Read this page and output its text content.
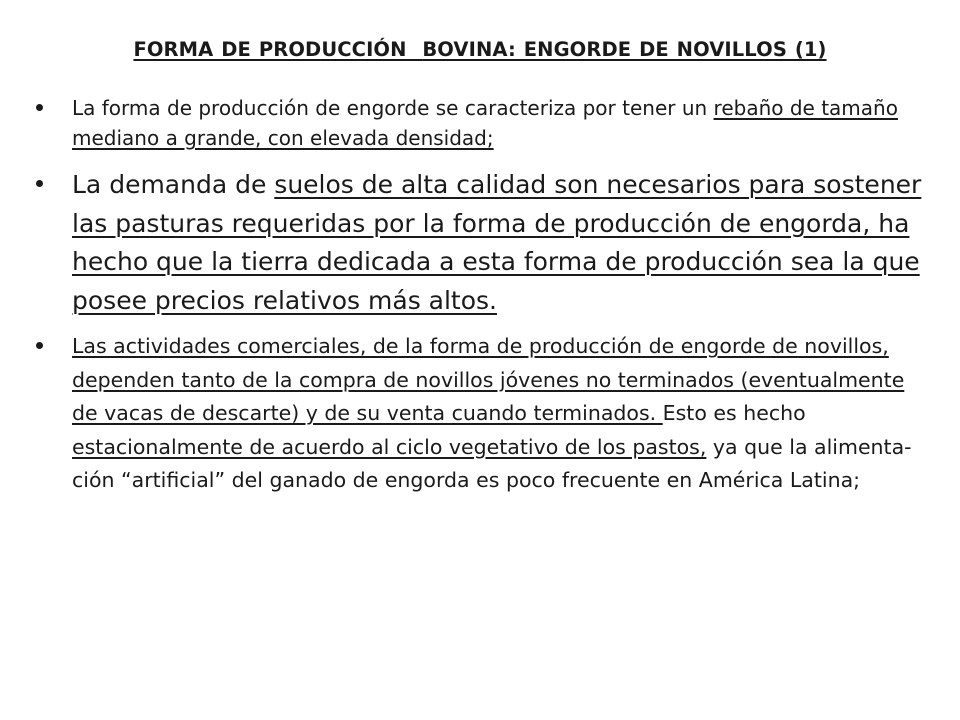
FORMA DE PRODUCCIÓN BOVINA: ENGORDE DE NOVILLOS (1)
La forma de producción de engorde se caracteriza por tener un rebaño de tamaño mediano a grande, con elevada densidad;
La demanda de suelos de alta calidad son necesarios para sostener las pasturas requeridas por la forma de producción de engorda, ha hecho que la tierra dedicada a esta forma de producción sea la que posee precios relativos más altos.
Las actividades comerciales, de la forma de producción de engorde de novillos, dependen tanto de la compra de novillos jóvenes no terminados (eventualmente de vacas de descarte) y de su venta cuando terminados. Esto es hecho estacionalmente de acuerdo al ciclo vegetativo de los pastos, ya que la alimenta-ción “artificial” del ganado de engorda es poco frecuente en América Latina;
